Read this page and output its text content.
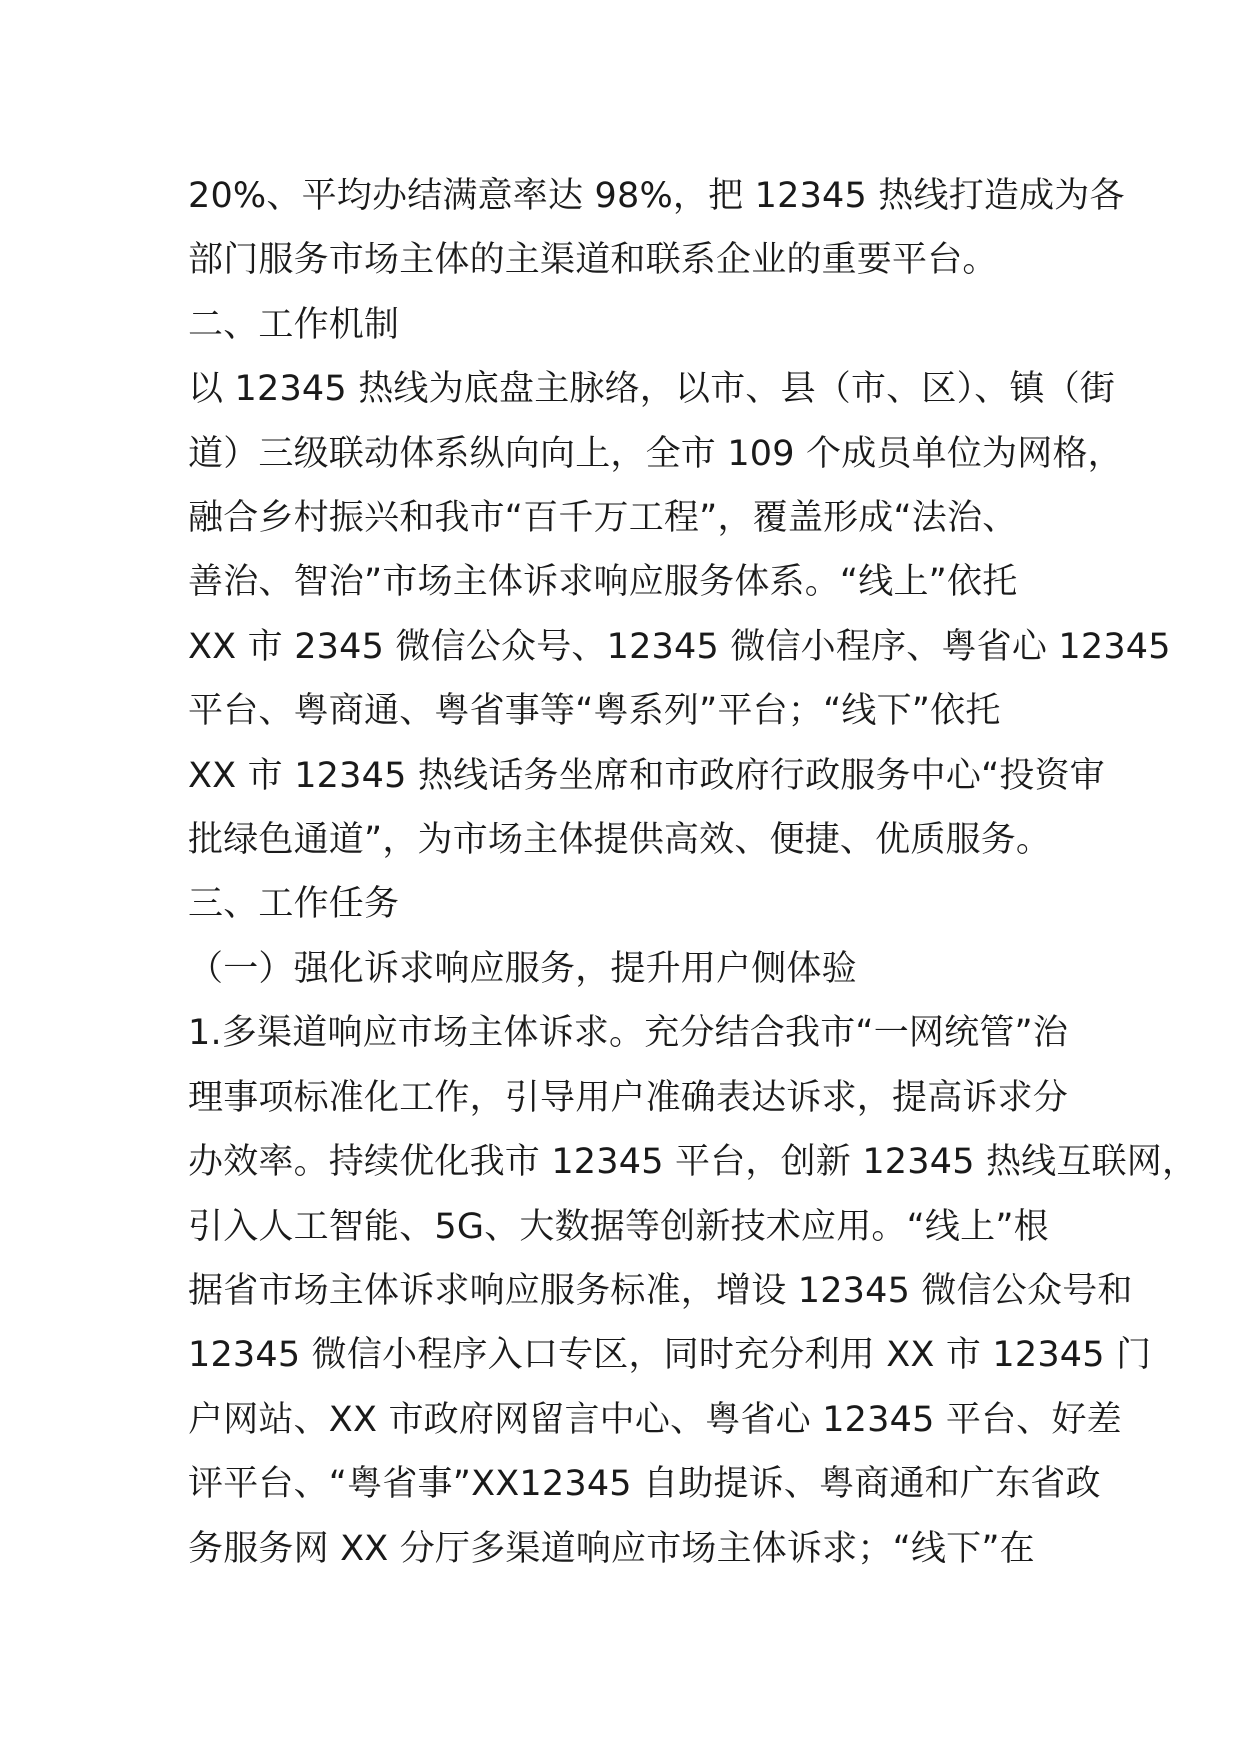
20%、平均办结满意率达 98%，把 12345 热线打造成为各

部门服务市场主体的主渠道和联系企业的重要平台。

二、工作机制

以 12345 热线为底盘主脉络，以市、县（市、区）、镇（街

道）三级联动体系纵向向上，全市 109 个成员单位为网格，

融合乡村振兴和我市“百千万工程”，覆盖形成“法治、

善治、智治”市场主体诉求响应服务体系。“线上”依托

XX 市 2345 微信公众号、12345 微信小程序、粤省心 12345

平台、粤商通、粤省事等“粤系列”平台；“线下”依托

XX 市 12345 热线话务坐席和市政府行政服务中心“投资审

批绿色通道”，为市场主体提供高效、便捷、优质服务。

三、工作任务

（一）强化诉求响应服务，提升用户侧体验

1.多渠道响应市场主体诉求。充分结合我市“一网统管”治

理事项标准化工作，引导用户准确表达诉求，提高诉求分

办效率。持续优化我市 12345 平台，创新 12345 热线互联网，

引入人工智能、5G、大数据等创新技术应用。“线上”根

据省市场主体诉求响应服务标准，增设 12345 微信公众号和

12345 微信小程序入口专区，同时充分利用 XX 市 12345 门

户网站、XX 市政府网留言中心、粤省心 12345 平台、好差

评平台、“粤省事”XX12345 自助提诉、粤商通和广东省政

务服务网 XX 分厅多渠道响应市场主体诉求；“线下”在
